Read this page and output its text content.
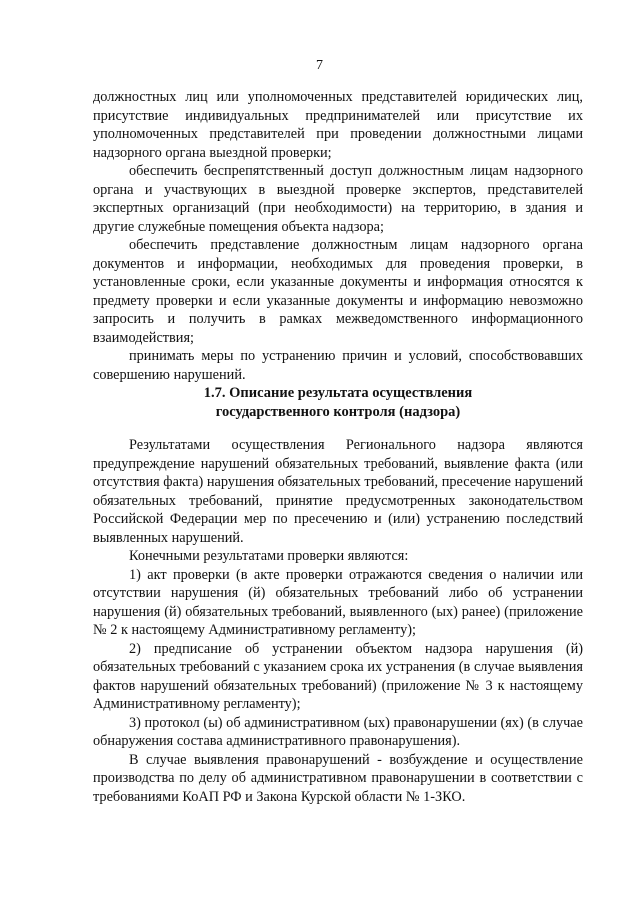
7

должностных лиц или уполномоченных представителей юридических лиц, присутствие индивидуальных предпринимателей или присутствие их уполномоченных представителей при проведении должностными лицами надзорного органа выездной проверки;

обеспечить беспрепятственный доступ должностным лицам надзорного органа и участвующих в выездной проверке экспертов, представителей экспертных организаций (при необходимости) на территорию, в здания и другие служебные помещения объекта надзора;

обеспечить представление должностным лицам надзорного органа документов и информации, необходимых для проведения проверки, в установленные сроки, если указанные документы и информация относятся к предмету проверки и если указанные документы и информацию невозможно запросить и получить в рамках межведомственного информационного взаимодействия;

принимать меры по устранению причин и условий, способствовавших совершению нарушений.

1.7. Описание результата осуществления
государственного контроля (надзора)

Результатами осуществления Регионального надзора являются предупреждение нарушений обязательных требований, выявление факта (или отсутствия факта) нарушения обязательных требований, пресечение нарушений обязательных требований, принятие предусмотренных законодательством Российской Федерации мер по пресечению и (или) устранению последствий выявленных нарушений.

Конечными результатами проверки являются:

1) акт проверки (в акте проверки отражаются сведения о наличии или отсутствии нарушения (й) обязательных требований либо об устранении нарушения (й) обязательных требований, выявленного (ых) ранее) (приложение № 2 к настоящему Административному регламенту);

2) предписание об устранении объектом надзора нарушения (й) обязательных требований с указанием срока их устранения (в случае выявления фактов нарушений обязательных требований) (приложение № 3 к настоящему Административному регламенту);

3) протокол (ы) об административном (ых) правонарушении (ях) (в случае обнаружения состава административного правонарушения).

В случае выявления правонарушений - возбуждение и осуществление производства по делу об административном правонарушении в соответствии с требованиями КоАП РФ и Закона Курской области № 1-ЗКО.
